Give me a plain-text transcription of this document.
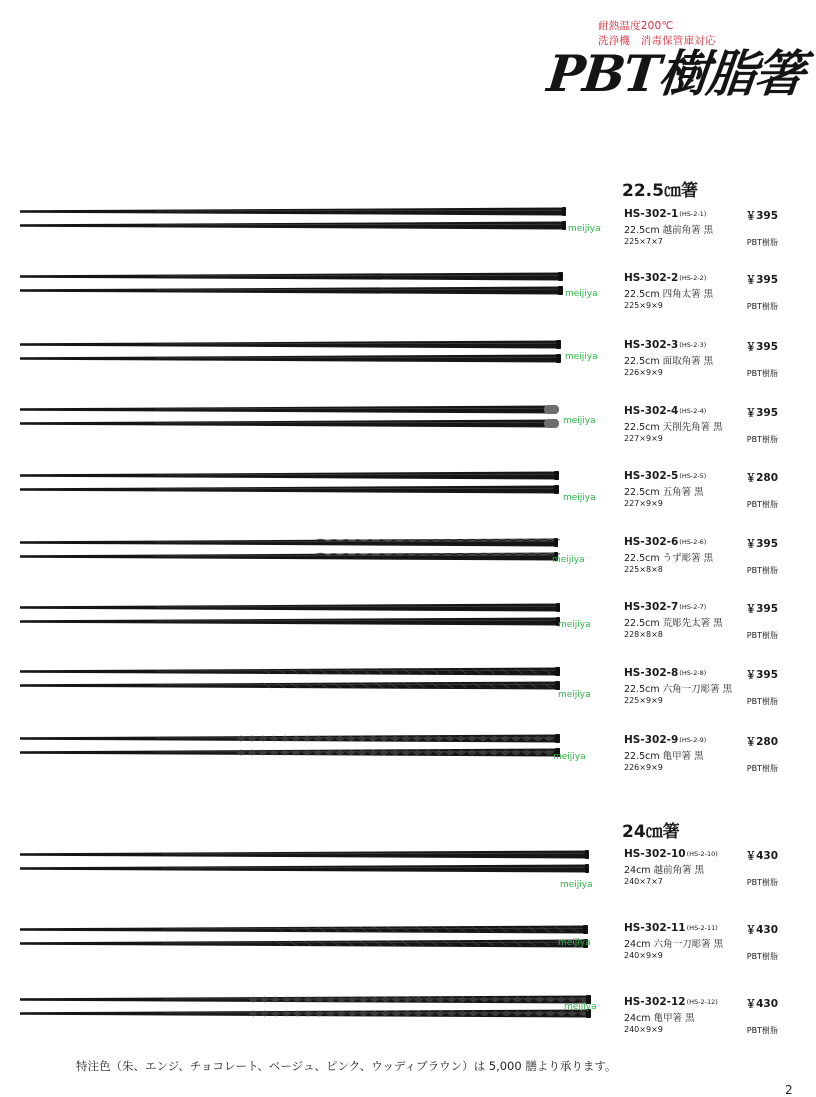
耐熱温度200℃
洗浄機　消毒保管庫対応
PBT樹脂箸
22.5㎝箸
24㎝箸
HS-302-1(HS-2-1)	￥395
22.5cm 越前角箸 黒
225×7×7	PBT樹脂
meijiya
HS-302-2(HS-2-2)	￥395
22.5cm 四角太箸 黒
225×9×9	PBT樹脂
meijiya
HS-302-3(HS-2-3)	￥395
22.5cm 面取角箸 黒
226×9×9	PBT樹脂
meijiya
HS-302-4(HS-2-4)	￥395
22.5cm 天削先角箸 黒
227×9×9	PBT樹脂
meijiya
HS-302-5(HS-2-5)	￥280
22.5cm 五角箸 黒
227×9×9	PBT樹脂
meijiya
HS-302-6(HS-2-6)	￥395
22.5cm うず彫箸 黒
225×8×8	PBT樹脂
meijiya
HS-302-7(HS-2-7)	￥395
22.5cm 荒彫先太箸 黒
228×8×8	PBT樹脂
meijiya
HS-302-8(HS-2-8)	￥395
22.5cm 六角一刀彫箸 黒
225×9×9	PBT樹脂
meijiya
HS-302-9(HS-2-9)	￥280
22.5cm 亀甲箸 黒
226×9×9	PBT樹脂
meijiya
HS-302-10(HS-2-10)	￥430
24cm 越前角箸 黒
240×7×7	PBT樹脂
meijiya
HS-302-11(HS-2-11)	￥430
24cm 六角一刀彫箸 黒
240×9×9	PBT樹脂
meijiya
HS-302-12(HS-2-12)	￥430
24cm 亀甲箸 黒
240×9×9	PBT樹脂
meijiya
特注色（朱、エンジ、チョコレート、ベージュ、ピンク、ウッディブラウン）は 5,000 膳より承ります。
2
